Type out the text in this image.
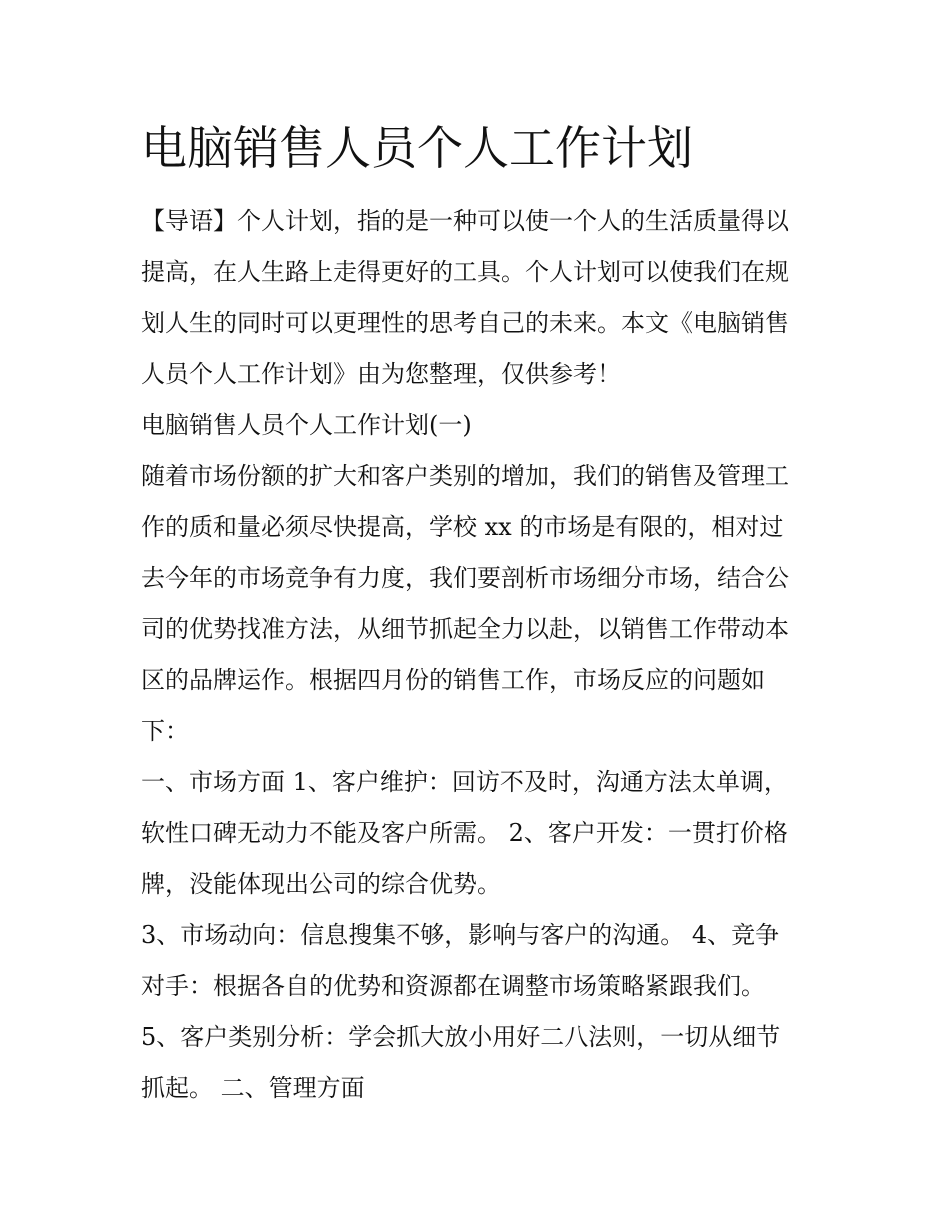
电脑销售人员个人工作计划
【导语】个人计划，指的是一种可以使一个人的生活质量得以
提高，在人生路上走得更好的工具。个人计划可以使我们在规
划人生的同时可以更理性的思考自己的未来。本文《电脑销售
人员个人工作计划》由为您整理，仅供参考！
电脑销售人员个人工作计划(一)
随着市场份额的扩大和客户类别的增加，我们的销售及管理工
作的质和量必须尽快提高，学校 xx 的市场是有限的，相对过
去今年的市场竞争有力度，我们要剖析市场细分市场，结合公
司的优势找准方法，从细节抓起全力以赴，以销售工作带动本
区的品牌运作。根据四月份的销售工作，市场反应的问题如
下：
一、市场方面 1、客户维护：回访不及时，沟通方法太单调，
软性口碑无动力不能及客户所需。 2、客户开发：一贯打价格
牌，没能体现出公司的综合优势。
3、市场动向：信息搜集不够，影响与客户的沟通。 4、竞争
对手：根据各自的优势和资源都在调整市场策略紧跟我们。
5、客户类别分析：学会抓大放小用好二八法则，一切从细节
抓起。 二、管理方面
